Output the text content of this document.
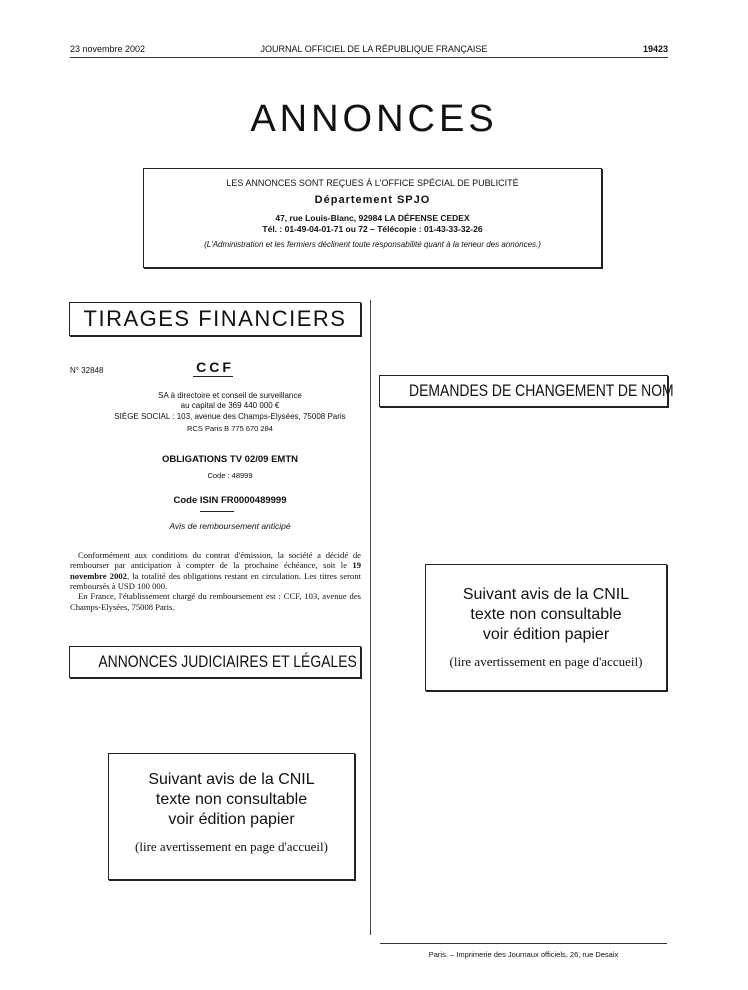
23 novembre 2002	JOURNAL OFFICIEL DE LA RÉPUBLIQUE FRANÇAISE	19423
ANNONCES
LES ANNONCES SONT REÇUES À L'OFFICE SPÉCIAL DE PUBLICITÉ
Département SPJO
47, rue Louis-Blanc, 92984 LA DÉFENSE CEDEX
Tél. : 01-49-04-01-71 ou 72 – Télécopie : 01-43-33-32-26
(L'Administration et les fermiers déclinent toute responsabilité quant à la teneur des annonces.)
TIRAGES FINANCIERS
N° 32848	CCF
SA à directoire et conseil de surveillance
au capital de 369 440 000 €
SIÈGE SOCIAL : 103, avenue des Champs-Elysées, 75008 Paris
RCS Paris B 775 670 284
OBLIGATIONS TV 02/09 EMTN
Code : 48999
Code ISIN FR0000489999
Avis de remboursement anticipé

Conformément aux conditions du contrat d'émission, la société a décidé de rembourser par anticipation à compter de la prochaine échéance, soit le 19 novembre 2002, la totalité des obligations restant en circulation. Les titres seront remboursés à USD 100 000.

En France, l'établissement chargé du remboursement est : CCF, 103, avenue des Champs-Elysées, 75008 Paris.

ANNONCES JUDICIAIRES ET LÉGALES
Suivant avis de la CNIL
texte non consultable
voir édition papier
(lire avertissement en page d'accueil)
DEMANDES DE CHANGEMENT DE NOM
Suivant avis de la CNIL
texte non consultable
voir édition papier
(lire avertissement en page d'accueil)
Paris. – Imprimerie des Journaux officiels, 26, rue Desaix
